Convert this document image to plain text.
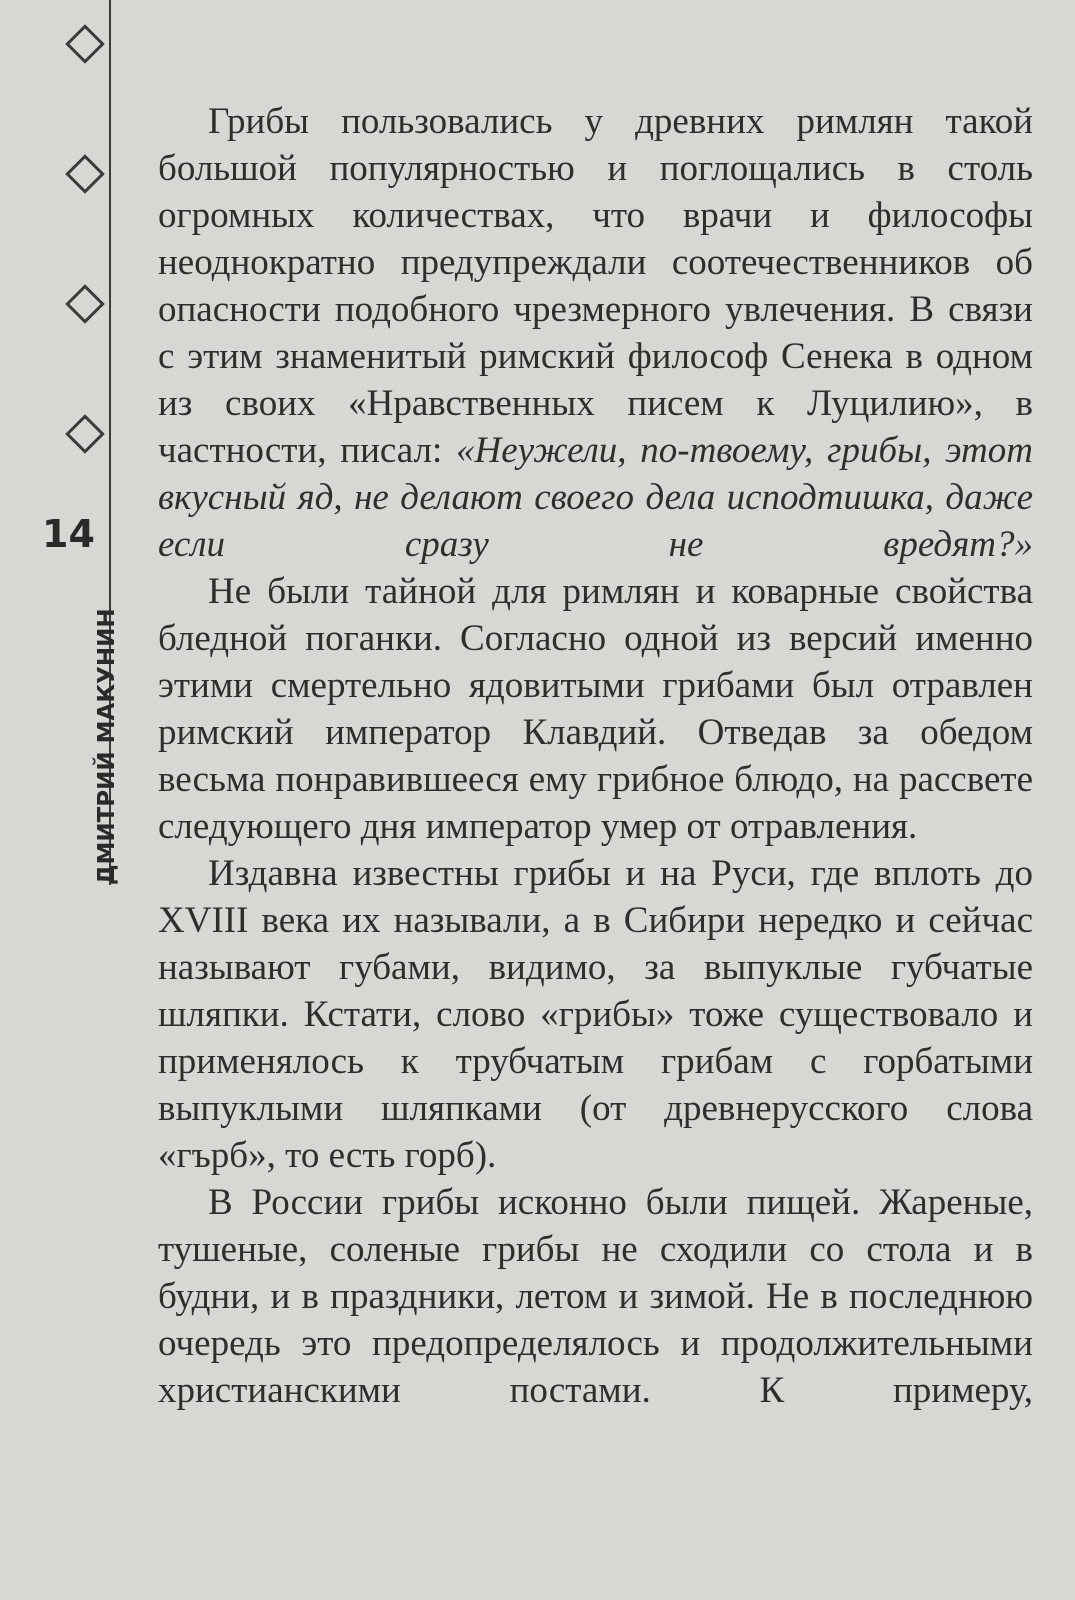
14
ДМИТРИЙ МАКУНИН

Грибы пользовались у древних римлян такой большой популярностью и поглощались в столь огромных количествах, что врачи и философы неоднократно предупреждали соотечественников об опасности подобного чрезмерного увлечения. В связи с этим знаменитый римский философ Сенека в одном из своих «Нравственных писем к Луцилию», в частности, писал: «Неужели, по-твоему, грибы, этот вкусный яд, не делают своего дела исподтишка, даже если сразу не вредят?»

Не были тайной для римлян и коварные свойства бледной поганки. Согласно одной из версий именно этими смертельно ядовитыми грибами был отравлен римский император Клавдий. Отведав за обедом весьма понравившееся ему грибное блюдо, на рассвете следующего дня император умер от отравления.

Издавна известны грибы и на Руси, где вплоть до XVIII века их называли, а в Сибири нередко и сейчас называют губами, видимо, за выпуклые губчатые шляпки. Кстати, слово «грибы» тоже существовало и применялось к трубчатым грибам с горбатыми выпуклыми шляпками (от древнерусского слова «гърб», то есть горб).

В России грибы исконно были пищей. Жареные, тушеные, соленые грибы не сходили со стола и в будни, и в праздники, летом и зимой. Не в последнюю очередь это предопределялось и продолжительными христианскими постами. К примеру,
